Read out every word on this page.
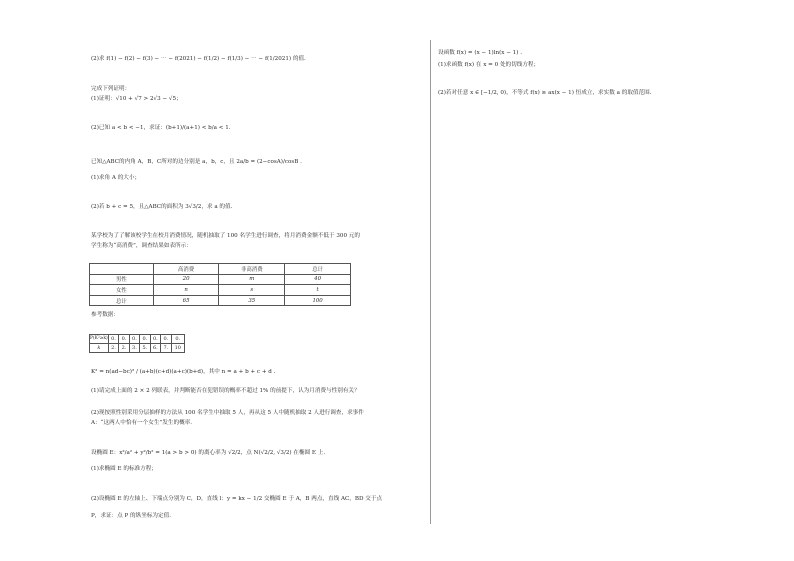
(2)求 f(1) − f(2) − f(3) − ⋯ − f(2021) − f(1/2) − f(1/3) − ⋯ − f(1/2021) 的值.
完成下列证明：
(1)证明：√10 + √7 > 2√3 − √5；
(2)已知 a < b < −1，求证：(b+1)/(a+1) < b/a < 1.
已知△ABC的内角 A，B，C所对的边分别是 a，b，c，且 2a/b = (2−cosA)/cosB .
(1)求角 A 的大小；
(2)若 b + c = 5，且△ABC的面积为 3√3/2，求 a 的值.
某学校为了了解该校学生在校月消费情况，随机抽取了 100 名学生进行调查，将月消费金额不低于 300 元的
学生称为“高消费”，调查结果如表所示：
	高消费	非高消费	总计
男性	20	m	40
女性	n	s	t
总计	65	35	100
参考数据：
P(K²≥k)	0.	0.	0.	0.	0.	0.	0.
k	2.	2.	3.	5.	6.	7.	10
K² = n(ad−bc)² / (a+b)(c+d)(a+c)(b+d)，其中 n = a + b + c + d .
(1)请完成上面的 2 × 2 列联表，并判断能否在犯错误的概率不超过 1% 的前提下，认为月消费与性别有关？
(2)现按照性别采用分层抽样的方法从 100 名学生中抽取 5 人，再从这 5 人中随机抽取 2 人进行调查，求事件
A：“这两人中恰有一个女生”发生的概率.
设椭圆 E：x²/a² + y²/b² = 1(a > b > 0) 的离心率为 √2/2，点 N(√2/2, √3/2) 在椭圆 E 上.
(1)求椭圆 E 的标准方程；
(2)设椭圆 E 的左轴上、下端点分别为 C，D，直线 l：y = kx − 1/2 交椭圆 E 于 A，B 两点，直线 AC，BD 交于点
P，求证：点 P 的纵坐标为定值.
设函数 f(x) = (x − 1)ln(x − 1) .
(1)求函数 f(x) 在 x = 0 处的切线方程；
(2)若对任意 x ∈ [−1/2, 0)，不等式 f(x) ≥ ax(x − 1) 恒成立，求实数 a 的取值范围.
